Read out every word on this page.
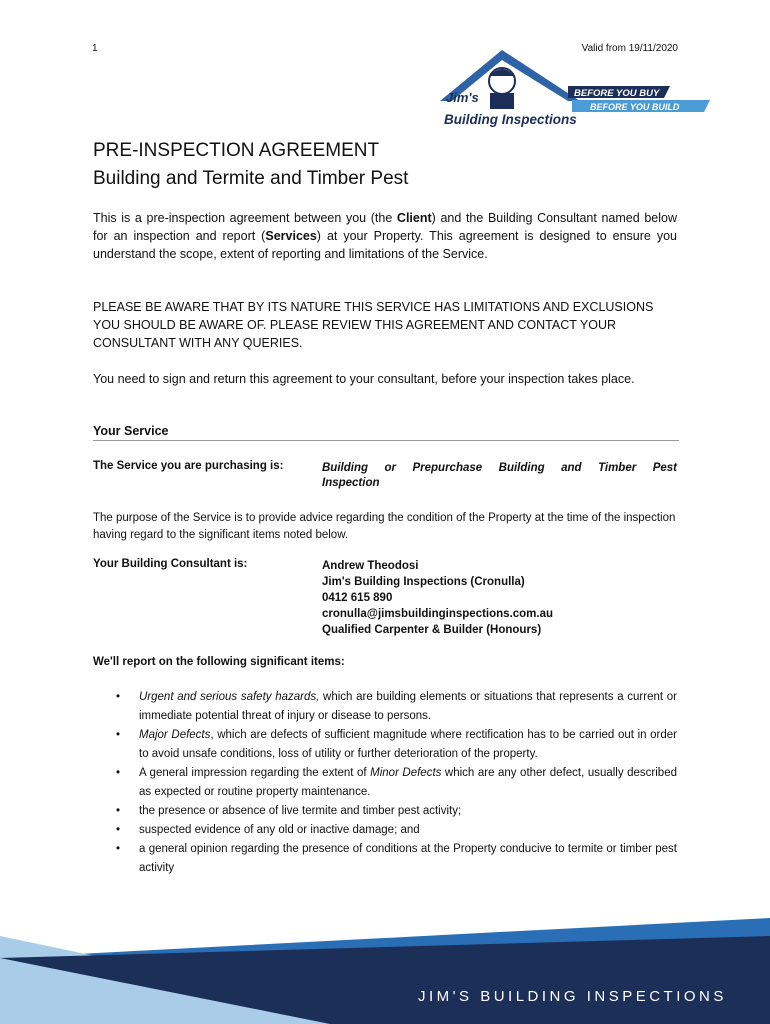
1	Valid from 19/11/2020
Jim's
Building Inspections
BEFORE YOU BUY
BEFORE YOU BUILD
PRE-INSPECTION AGREEMENT
Building and Termite and Timber Pest
This is a pre-inspection agreement between you (the Client) and the Building Consultant named below for an inspection and report (Services) at your Property. This agreement is designed to ensure you understand the scope, extent of reporting and limitations of the Service.
PLEASE BE AWARE THAT BY ITS NATURE THIS SERVICE HAS LIMITATIONS AND EXCLUSIONS YOU SHOULD BE AWARE OF. PLEASE REVIEW THIS AGREEMENT AND CONTACT YOUR CONSULTANT WITH ANY QUERIES.
You need to sign and return this agreement to your consultant, before your inspection takes place.
Your Service
The Service you are purchasing is:	Building or Prepurchase Building and Timber Pest
Inspection
The purpose of the Service is to provide advice regarding the condition of the Property at the time of the inspection having regard to the significant items noted below.
Your Building Consultant is:	Andrew Theodosi
Jim's Building Inspections (Cronulla)
0412 615 890
cronulla@jimsbuildinginspections.com.au
Qualified Carpenter & Builder (Honours)
We'll report on the following significant items:
• Urgent and serious safety hazards, which are building elements or situations that represents a current or immediate potential threat of injury or disease to persons.
• Major Defects, which are defects of sufficient magnitude where rectification has to be carried out in order to avoid unsafe conditions, loss of utility or further deterioration of the property.
• A general impression regarding the extent of Minor Defects which are any other defect, usually described as expected or routine property maintenance.
• the presence or absence of live termite and timber pest activity;
• suspected evidence of any old or inactive damage; and
• a general opinion regarding the presence of conditions at the Property conducive to termite or timber pest activity
JIM'S BUILDING INSPECTIONS
